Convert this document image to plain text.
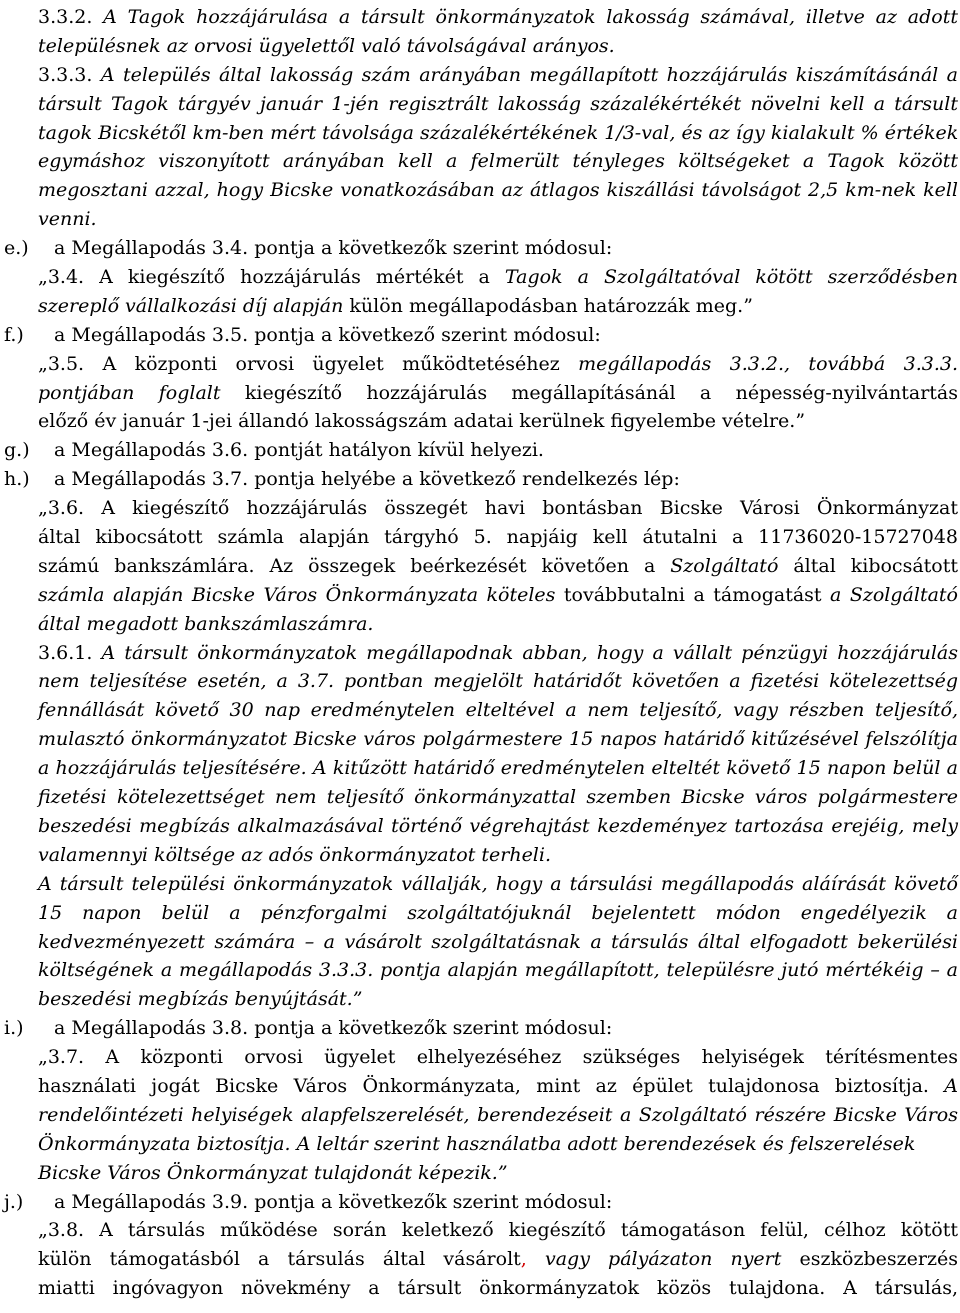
3.3.2. A Tagok hozzájárulása a társult önkormányzatok lakosság számával, illetve az adott
településnek az orvosi ügyelettől való távolságával arányos.
3.3.3. A település által lakosság szám arányában megállapított hozzájárulás kiszámításánál a
társult Tagok tárgyév január 1-jén regisztrált lakosság százalékértékét növelni kell a társult
tagok Bicskétől km-ben mért távolsága százalékértékének 1/3-val, és az így kialakult % értékek
egymáshoz viszonyított arányában kell a felmerült tényleges költségeket a Tagok között
megosztani azzal, hogy Bicske vonatkozásában az átlagos kiszállási távolságot 2,5 km-nek kell
venni.
e.) a Megállapodás 3.4. pontja a következők szerint módosul:
„3.4. A kiegészítő hozzájárulás mértékét a Tagok a Szolgáltatóval kötött szerződésben
szereplő vállalkozási díj alapján külön megállapodásban határozzák meg.”
f.) a Megállapodás 3.5. pontja a következő szerint módosul:
„3.5. A központi orvosi ügyelet működtetéséhez megállapodás 3.3.2., továbbá 3.3.3.
pontjában foglalt kiegészítő hozzájárulás megállapításánál a népesség-nyilvántartás
előző év január 1-jei állandó lakosságszám adatai kerülnek figyelembe vételre.”
g.) a Megállapodás 3.6. pontját hatályon kívül helyezi.
h.) a Megállapodás 3.7. pontja helyébe a következő rendelkezés lép:
„3.6. A kiegészítő hozzájárulás összegét havi bontásban Bicske Városi Önkormányzat
által kibocsátott számla alapján tárgyhó 5. napjáig kell átutalni a 11736020-15727048
számú bankszámlára. Az összegek beérkezését követően a Szolgáltató által kibocsátott
számla alapján Bicske Város Önkormányzata köteles továbbutalni a támogatást a Szolgáltató
által megadott bankszámlaszámra.
3.6.1. A társult önkormányzatok megállapodnak abban, hogy a vállalt pénzügyi hozzájárulás
nem teljesítése esetén, a 3.7. pontban megjelölt határidőt követően a fizetési kötelezettség
fennállását követő 30 nap eredménytelen elteltével a nem teljesítő, vagy részben teljesítő,
mulasztó önkormányzatot Bicske város polgármestere 15 napos határidő kitűzésével felszólítja
a hozzájárulás teljesítésére. A kitűzött határidő eredménytelen elteltét követő 15 napon belül a
fizetési kötelezettséget nem teljesítő önkormányzattal szemben Bicske város polgármestere
beszedési megbízás alkalmazásával történő végrehajtást kezdeményez tartozása erejéig, mely
valamennyi költsége az adós önkormányzatot terheli.
A társult települési önkormányzatok vállalják, hogy a társulási megállapodás aláírását követő
15 napon belül a pénzforgalmi szolgáltatójuknál bejelentett módon engedélyezik a
kedvezményezett számára – a vásárolt szolgáltatásnak a társulás által elfogadott bekerülési
költségének a megállapodás 3.3.3. pontja alapján megállapított, településre jutó mértékéig – a
beszedési megbízás benyújtását.”
i.) a Megállapodás 3.8. pontja a következők szerint módosul:
„3.7. A központi orvosi ügyelet elhelyezéséhez szükséges helyiségek térítésmentes
használati jogát Bicske Város Önkormányzata, mint az épület tulajdonosa biztosítja. A
rendelőintézeti helyiségek alapfelszerelését, berendezéseit a Szolgáltató részére Bicske Város
Önkormányzata biztosítja. A leltár szerint használatba adott berendezések és felszerelések
Bicske Város Önkormányzat tulajdonát képezik.”
j.) a Megállapodás 3.9. pontja a következők szerint módosul:
„3.8. A társulás működése során keletkező kiegészítő támogatáson felül, célhoz kötött
külön támogatásból a társulás által vásárolt, vagy pályázaton nyert eszközbeszerzés
miatti ingóvagyon növekmény a társult önkormányzatok közös tulajdona. A társulás,
